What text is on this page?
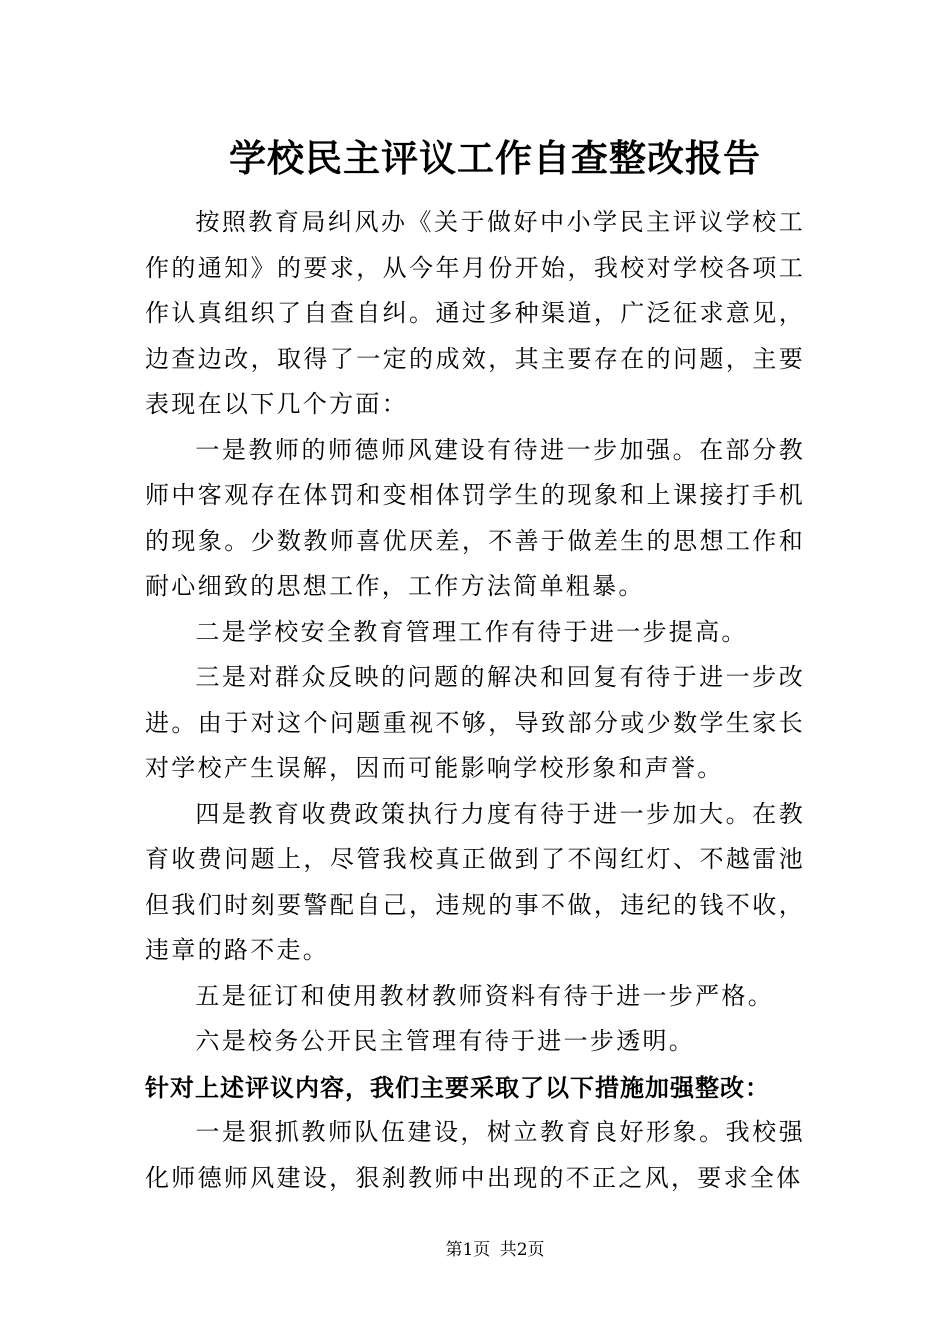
学校民主评议工作自查整改报告

按照教育局纠风办《关于做好中小学民主评议学校工作的通知》的要求，从今年月份开始，我校对学校各项工作认真组织了自查自纠。通过多种渠道，广泛征求意见，边查边改，取得了一定的成效，其主要存在的问题，主要表现在以下几个方面：

一是教师的师德师风建设有待进一步加强。在部分教师中客观存在体罚和变相体罚学生的现象和上课接打手机的现象。少数教师喜优厌差，不善于做差生的思想工作和耐心细致的思想工作，工作方法简单粗暴。

二是学校安全教育管理工作有待于进一步提高。

三是对群众反映的问题的解决和回复有待于进一步改进。由于对这个问题重视不够，导致部分或少数学生家长对学校产生误解，因而可能影响学校形象和声誉。

四是教育收费政策执行力度有待于进一步加大。在教育收费问题上，尽管我校真正做到了不闯红灯、不越雷池但我们时刻要警配自己，违规的事不做，违纪的钱不收，违章的路不走。

五是征订和使用教材教师资料有待于进一步严格。

六是校务公开民主管理有待于进一步透明。

针对上述评议内容，我们主要采取了以下措施加强整改：

一是狠抓教师队伍建设，树立教育良好形象。我校强化师德师风建设，狠刹教师中出现的不正之风，要求全体

第1页 共2页
